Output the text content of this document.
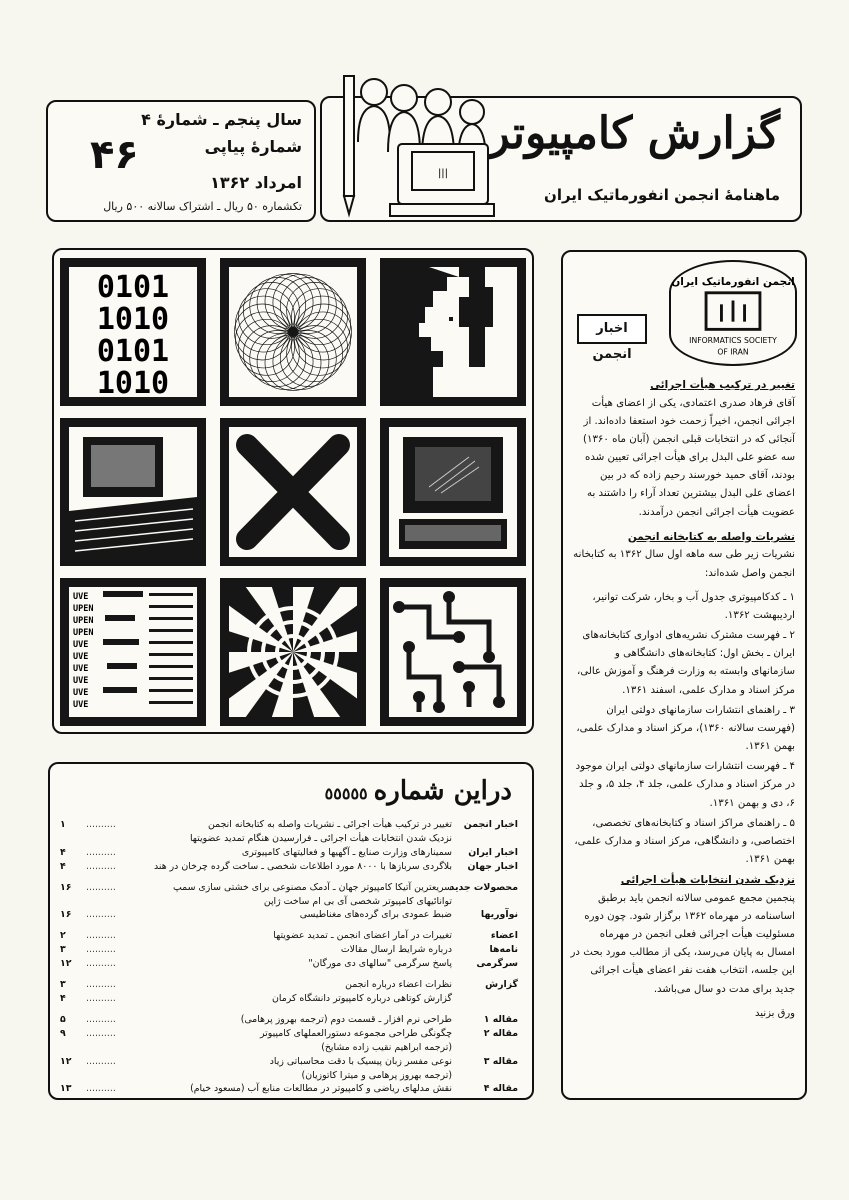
سال پنجم ـ شمارۀ ۴
شمارۀ پیاپی
۴۶
امرداد ۱۳۶۲
تکشماره ۵۰ ریال ـ اشتراک سالانه ۵۰۰ ریال
گزارش کامپیوتر
ماهنامۀ انجمن انفورماتیک ایران
|||
0101
1010
0101
1010
UVE
UPEN
UPEN
UPEN
UVE
UVE
UVE
UVE
UVE
UVE
انجمن انفورماتیک ایران
INFORMATICS SOCIETY
OF IRAN
اخبار انجمن
تغییر در ترکیب هیأت اجرائی
آقای فرهاد صدری اعتمادی، یکی از اعضای هیأت اجرائی انجمن، اخیراً زحمت خود استعفا داده‌اند. از آنجائی که در انتخابات قبلی انجمن (آبان ماه ۱۳۶۰) سه عضو علی البدل برای هیأت اجرائی تعیین شده بودند، آقای حمید خورسند رحیم زاده که در بین اعضای علی البدل بیشترین تعداد آراء را داشتند به عضویت هیأت اجرائی انجمن درآمدند.
نشریات واصله به کتابخانه انجمن
نشریات زیر طی سه ماهه اول سال ۱۳۶۲ به کتابخانه انجمن واصل شده‌اند:
۱ ـ کدکامپیوتری جدول آب و بخار، شرکت توانیر، اردیبهشت ۱۳۶۲.
۲ ـ فهرست مشترک نشریه‌های ادواری کتابخانه‌های ایران ـ بخش اول: کتابخانه‌های دانشگاهی و سازمانهای وابسته به وزارت فرهنگ و آموزش عالی، مرکز اسناد و مدارک علمی، اسفند ۱۳۶۱.
۳ ـ راهنمای انتشارات سازمانهای دولتی ایران (فهرست سالانه ۱۳۶۰)، مرکز اسناد و مدارک علمی، بهمن ۱۳۶۱.
۴ ـ فهرست انتشارات سازمانهای دولتی ایران موجود در مرکز اسناد و مدارک علمی، جلد ۴، جلد ۵، و جلد ۶، دی و بهمن ۱۳۶۱.
۵ ـ راهنمای مراکز اسناد و کتابخانه‌های تخصصی، اختصاصی، و دانشگاهی، مرکز اسناد و مدارک علمی، بهمن ۱۳۶۱.
نزدیک شدن انتخابات هیأت اجرائی
پنجمین مجمع عمومی سالانه انجمن باید برطبق اساسنامه در مهرماه ۱۳۶۲ برگزار شود. چون دوره مسئولیت هیأت اجرائی فعلی انجمن در مهرماه امسال به پایان می‌رسد، یکی از مطالب مورد بحث در این جلسه، انتخاب هفت نفر اعضای هیأت اجرائی جدید برای مدت دو سال می‌باشد.
ورق بزنید
دراین شماره٥٥٥٥٥
اخبار انجمن
تغییر در ترکیب هیأت اجرائی ـ نشریات واصله به کتابخانه انجمن
..........
۱
نزدیک شدن انتخابات هیأت اجرائی ـ فرارسیدن هنگام تمدید عضویتها
اخبار ایران
سمینارهای وزارت صنایع ـ آگهیها و فعالیتهای کامپیوتری
..........
۴
اخبار جهان
بلاگردی سربازها با ۸۰۰۰ مورد اطلاعات شخصی ـ ساخت گرده چرخان در هند
..........
۴
محصولات جدید
سریعترین آتیکا کامپیوتر جهان ـ آدمک مصنوعی برای خشتی سازی سمپ
..........
۱۶
توانائیهای کامپیوتر شخصی آی بی ام ساخت ژاپن
نوآوریها
ضبط عمودی برای گرده‌های مغناطیسی
..........
۱۶
اعضاء
تغییرات در آمار اعضای انجمن ـ تمدید عضویتها
..........
۲
نامه‌ها
درباره شرایط ارسال مقالات
..........
۳
سرگرمی
پاسخ سرگرمی "سالهای دی مورگان"
..........
۱۲
گزارش
نظرات اعضاء درباره انجمن
..........
۳
گزارش کوتاهی درباره کامپیوتر دانشگاه کرمان
..........
۴
مقاله ۱
طراحی نرم افزار ـ قسمت دوم (ترجمه بهروز پرهامی)
..........
۵
مقاله ۲
چگونگی طراحی مجموعه دستورالعملهای کامپیوتر
..........
۹
(ترجمه ابراهیم نقیب زاده مشایخ)
مقاله ۳
نوعی مفسر زبان پیسیک با دقت محاسباتی زیاد
..........
۱۲
(ترجمه بهروز پرهامی و میترا کاتوزیان)
مقاله ۴
نقش مدلهای ریاضی و کامپیوتر در مطالعات منابع آب (مسعود خیام)
..........
۱۳
